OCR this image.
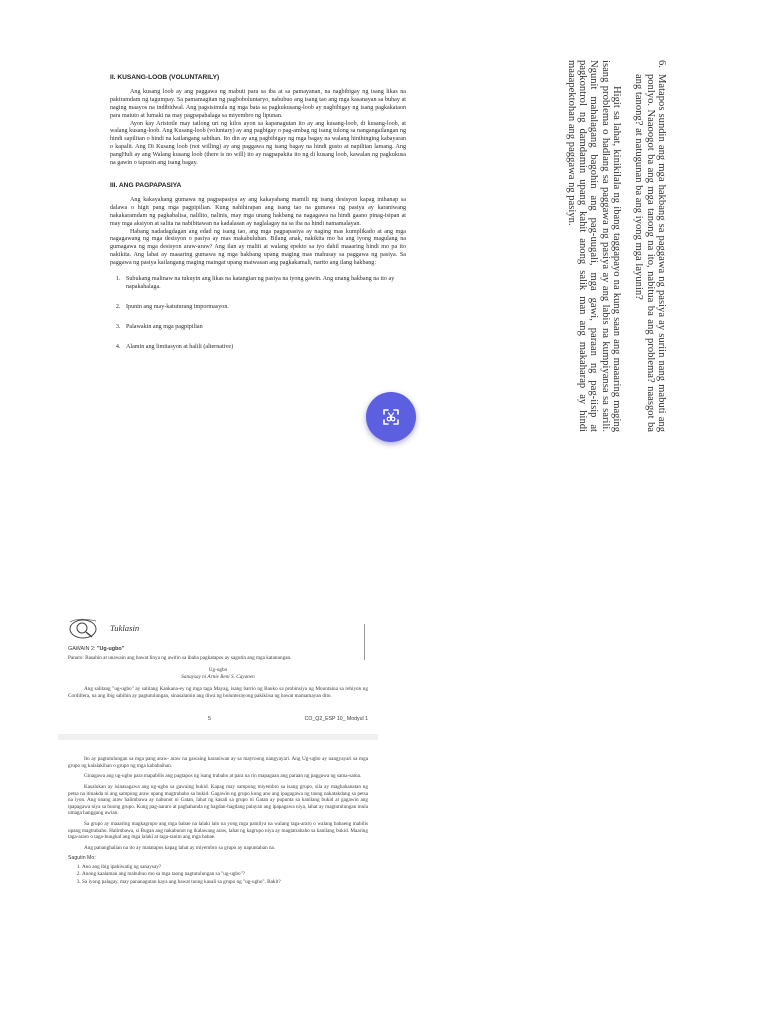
II. KUSANG-LOOB (VOLUNTARILY)

Ang kusang loob ay ang paggawa ng mabuti para sa iba at sa pamayanan, na nagbibigay ng isang likas na pakiramdam ng tagumpay. Sa pamamagitan ng pagboboluntaryo, nabubuo ang isang tao ang mga kasanayan sa buhay at naging maayos na indibidwal. Ang pagsisimula ng mga bata sa pagkukusang-loob ay nagbibigay ng isang pagkakataon para matuto at lumaki na may pagpapahalaga sa miyembro ng lipunan.

Ayon kay Aristotle may tatlong uri ng kilos ayon sa kapanagutan ito ay ang kusang-loob, di kusang-loob, at walang kusang-loob. Ang Kusang-loob (voluntary) ay ang pagbigay o pag-ambag ng isang tulong sa nangangailangan ng hindi sapilitan o hindi na kailangang sabihan. Ito din ay ang pagbibigay ng mga bagay na walang hinihinging kabayaran o kapalit. Ang Di Kusang loob (not willing) ay ang paggawa ng isang bagay na hindi gusto at napilitan lamang. Ang pangHuli ay ang Walang kusang loob (there is no will) ito ay nagpapakita ito ng di kusang loob, kawalan ng pagkukusa na gawin o tapusin ang isang bagay.

III. ANG PAGPAPASIYA

Ang kakayahang gumawa ng pagpapasiya ay ang kakayahang mamili ng isang desisyon kapag inihanap sa dalawa o higit pang mga pagpipilian. Kung nahihirapan ang isang tao na gumawa ng pasiya ay karaniwang nakakaramdam ng pagkabalisa, nalilito, nalinis, may mga unang hakbang na nagagawa na hindi gaano pinag-isipan at may mga aksiyon at salita na nabibitawan na kadalasan ay naglalagay na sa iba na hindi namamalayan.

Habang nadadagdagan ang edad ng isang tao, ang mga pagpapasiya ay naging mas kumplikado at ang mga nagagawang ng mga desisyon o pasiya ay mas makabuluhan. Bilang anak, nakikita mo ba ang iyong magulang na gumagawa ng mga desisyon araw-araw? Ang ilan ay maliit at walang epekto sa iyo dahil maaaring hindi mo pa ito nakikita. Ang lahat ay maaaring gumawa ng mga hakbang upang maging mas mahusay sa paggawa ng pasiya. Sa paggawa ng pasiya kailangang maging maingat upang maiwasan ang pagkakamali, narito ang ilang hakbang:

1. Subukang malinaw na tukuyin ang likas na katangian ng pasiya na iyong gawin. Ang unang hakbang na ito ay napakahalaga.
2. Ipunin ang may-katuturang impormasyon.
3. Palawakin ang mga pagpipilian
4. Alamin ang limitasyon at halili (alternative)
6.
Matapos sundin ang mga hakbang sa paggawa ng pasiya ay suriin nang mabuti ang ponlyo. Naaoogot ba ang mga tanong na ito, nabitua ba ang problema? naasgot ba ang tanong? at natugunan ba ang iyong mga layunin?

Higit sa lahat, kinikilala ng ibang taggapayo na kung saan ang maaaring maging isang problema o hadlang sa paggawa ng pasiya ay ang labis na kumpiyansa sa sarili. Ngunit mahalagang bagohin ang pag-uugali, mga gawi, paraan ng pag-iisip at pagkontrol ng damdamin upang kahit anong salik man ang makaharap ay hindi maaapektohan ang paggawa ng pasiyn.

Tuklasin
GAWAIN 2: "Ug-ugbo"
Panuto: Basahin at unawain ang bawat linya ng awitin sa ibaba pagkatapos ay sagutin ang mga katanungan.
Ug-ugbo
Sanaysay ni Arnie Reni S. Cayanen
Ang salitang "ug-ugbo" ay salitang Kankana-ey ng mga taga Mayag, isang barrio ng Bauko sa probinsiya ng Mountaina sa rehiyon ng Cordillera, na ang ibig sabihin ay pagtutulungan, sinasalamin ang diwa ng bolunterayong pakikiisa ng bawat mamamayan dito.
5	CO_Q2_ESP 10_ Modyul 1

Ito ay pagtutulungan sa mga pang araw- araw na gawaing karaniwan ay sa mayroong nangyayari. Ang Ug-ugbo ay nangyayari sa mga grupo ng kalalakihan o grupo ng mga kababaihan.

Ginagawa ang ug-ugbo para mapabilis ang pagtapos ng isang trabaho at para na rin mapagaan ang paraan ng paggawa ng sama-sama.

Kasalukan ay isinasagawa ang ug-ugbo sa gawaing bukid. Kapag may sampung miyembro sa isang grupo, sila ay maghahanatan ng petsa na itinakda ni ang sampung araw upang magtrabaho sa bukid. Gagawin ng grupo kung ano ang ipagagawa ng taong nakatakdang sa petsa na iyon. Ang unang araw halimbawa ay nabunot ni Gatan, lahat ng kasali sa grupo ni Gatan ay pupunta sa kanilang bukid at gagawin ang ipapagawa niya sa buong grupo. Kung pag-aararo at paghahanda ng hagdan-hagdang palayan ang ipapagawa niya, lahat ay magtutulungan mula umaga hanggang uwian.

Sa grupo ay maaaring magkagrupo ang mga babae na lalaki lalo na yong mga pamilya na walang taga-ararо o walang babaeng mabilis upang magtrabaho. Halimbawa, si Bugan ang nakabunot ng ikalawang araw, lahat ng kagrupo niya ay magtatrabaho sa kanilang bukid. Maaring taga-ararо o taga-bungkal ang mga lalaki at taga-tanim ang mga babae.

Ang pananghalian na ito ay matatapos kapag lahat ay miyembro sa grupo ay napuntahan na.

Sagutin Mo:
1. Ano ang ibig ipahiwatig ng sanaysay?
2. Anong kaalaman ang mabubuo mo sa mga taong nagtutulungan sa "ug-ugbo"?
3. Sa iyong palagay, may pananagutan kaya ang bawat taong kasali sa grupo ng "ug-ugbo". Bakit?
